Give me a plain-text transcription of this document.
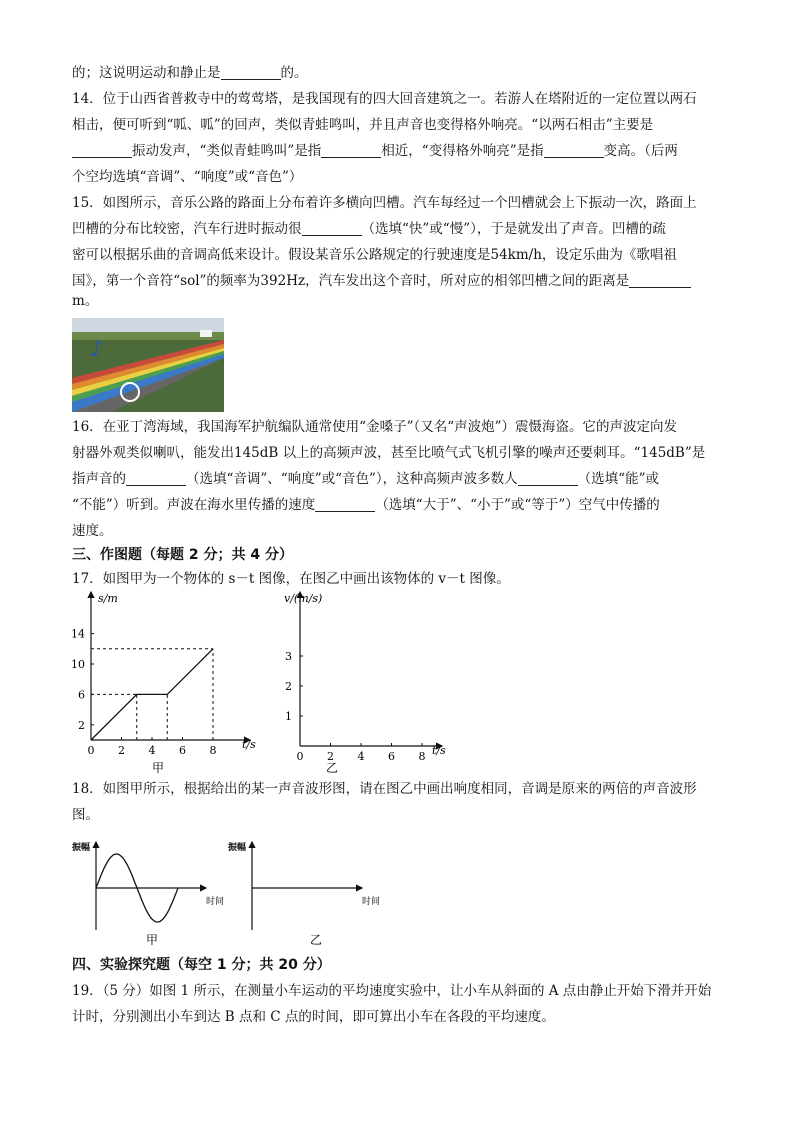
的；这说明运动和静止是	的。
14．位于山西省普救寺中的莺莺塔，是我国现有的四大回音建筑之一。若游人在塔附近的一定位置以两石
相击，便可听到“呱、呱”的回声，类似青蛙鸣叫，并且声音也变得格外响亮。“以两石相击”主要是
振动发声，“类似青蛙鸣叫”是指	相近，“变得格外响亮”是指	变高。（后两
个空均选填“音调”、“响度”或“音色”）
15．如图所示，音乐公路的路面上分布着许多横向凹槽。汽车每经过一个凹槽就会上下振动一次，路面上
凹槽的分布比较密，汽车行进时振动很	（选填“快”或“慢”），于是就发出了声音。凹槽的疏
密可以根据乐曲的音调高低来设计。假设某音乐公路规定的行驶速度是54km/h，设定乐曲为《歌唱祖
国》，第一个音符“sol”的频率为392Hz，汽车发出这个音时，所对应的相邻凹槽之间的距离是
m。
♪
16．在亚丁湾海域，我国海军护航编队通常使用“金嗓子”（又名“声波炮”）震慑海盗。它的声波定向发
射器外观类似喇叭，能发出145dB 以上的高频声波，甚至比喷气式飞机引擎的噪声还要刺耳。“145dB”是
指声音的	（选填“音调”、“响度”或“音色”），这种高频声波多数人	（选填“能”或
“不能”）听到。声波在海水里传播的速度	（选填“大于”、“小于”或“等于”）空气中传播的
速度。
三、作图题（每题 2 分；共 4 分）
17．如图甲为一个物体的 s－t 图像，在图乙中画出该物体的 v－t 图像。
14
10
6
2
0 2 4 6 8
s/m
t/s
甲
3
2
1
0 2 4 6 8
v/(m/s)
t/s
乙
18．如图甲所示，根据给出的某一声音波形图，请在图乙中画出响度相同，音调是原来的两倍的声音波形
图。
振幅
时间
甲
振幅
时间
乙
四、实验探究题（每空 1 分；共 20 分）
19．（5 分）如图 1 所示，在测量小车运动的平均速度实验中，让小车从斜面的 A 点由静止开始下滑并开始
计时，分别测出小车到达 B 点和 C 点的时间，即可算出小车在各段的平均速度。
